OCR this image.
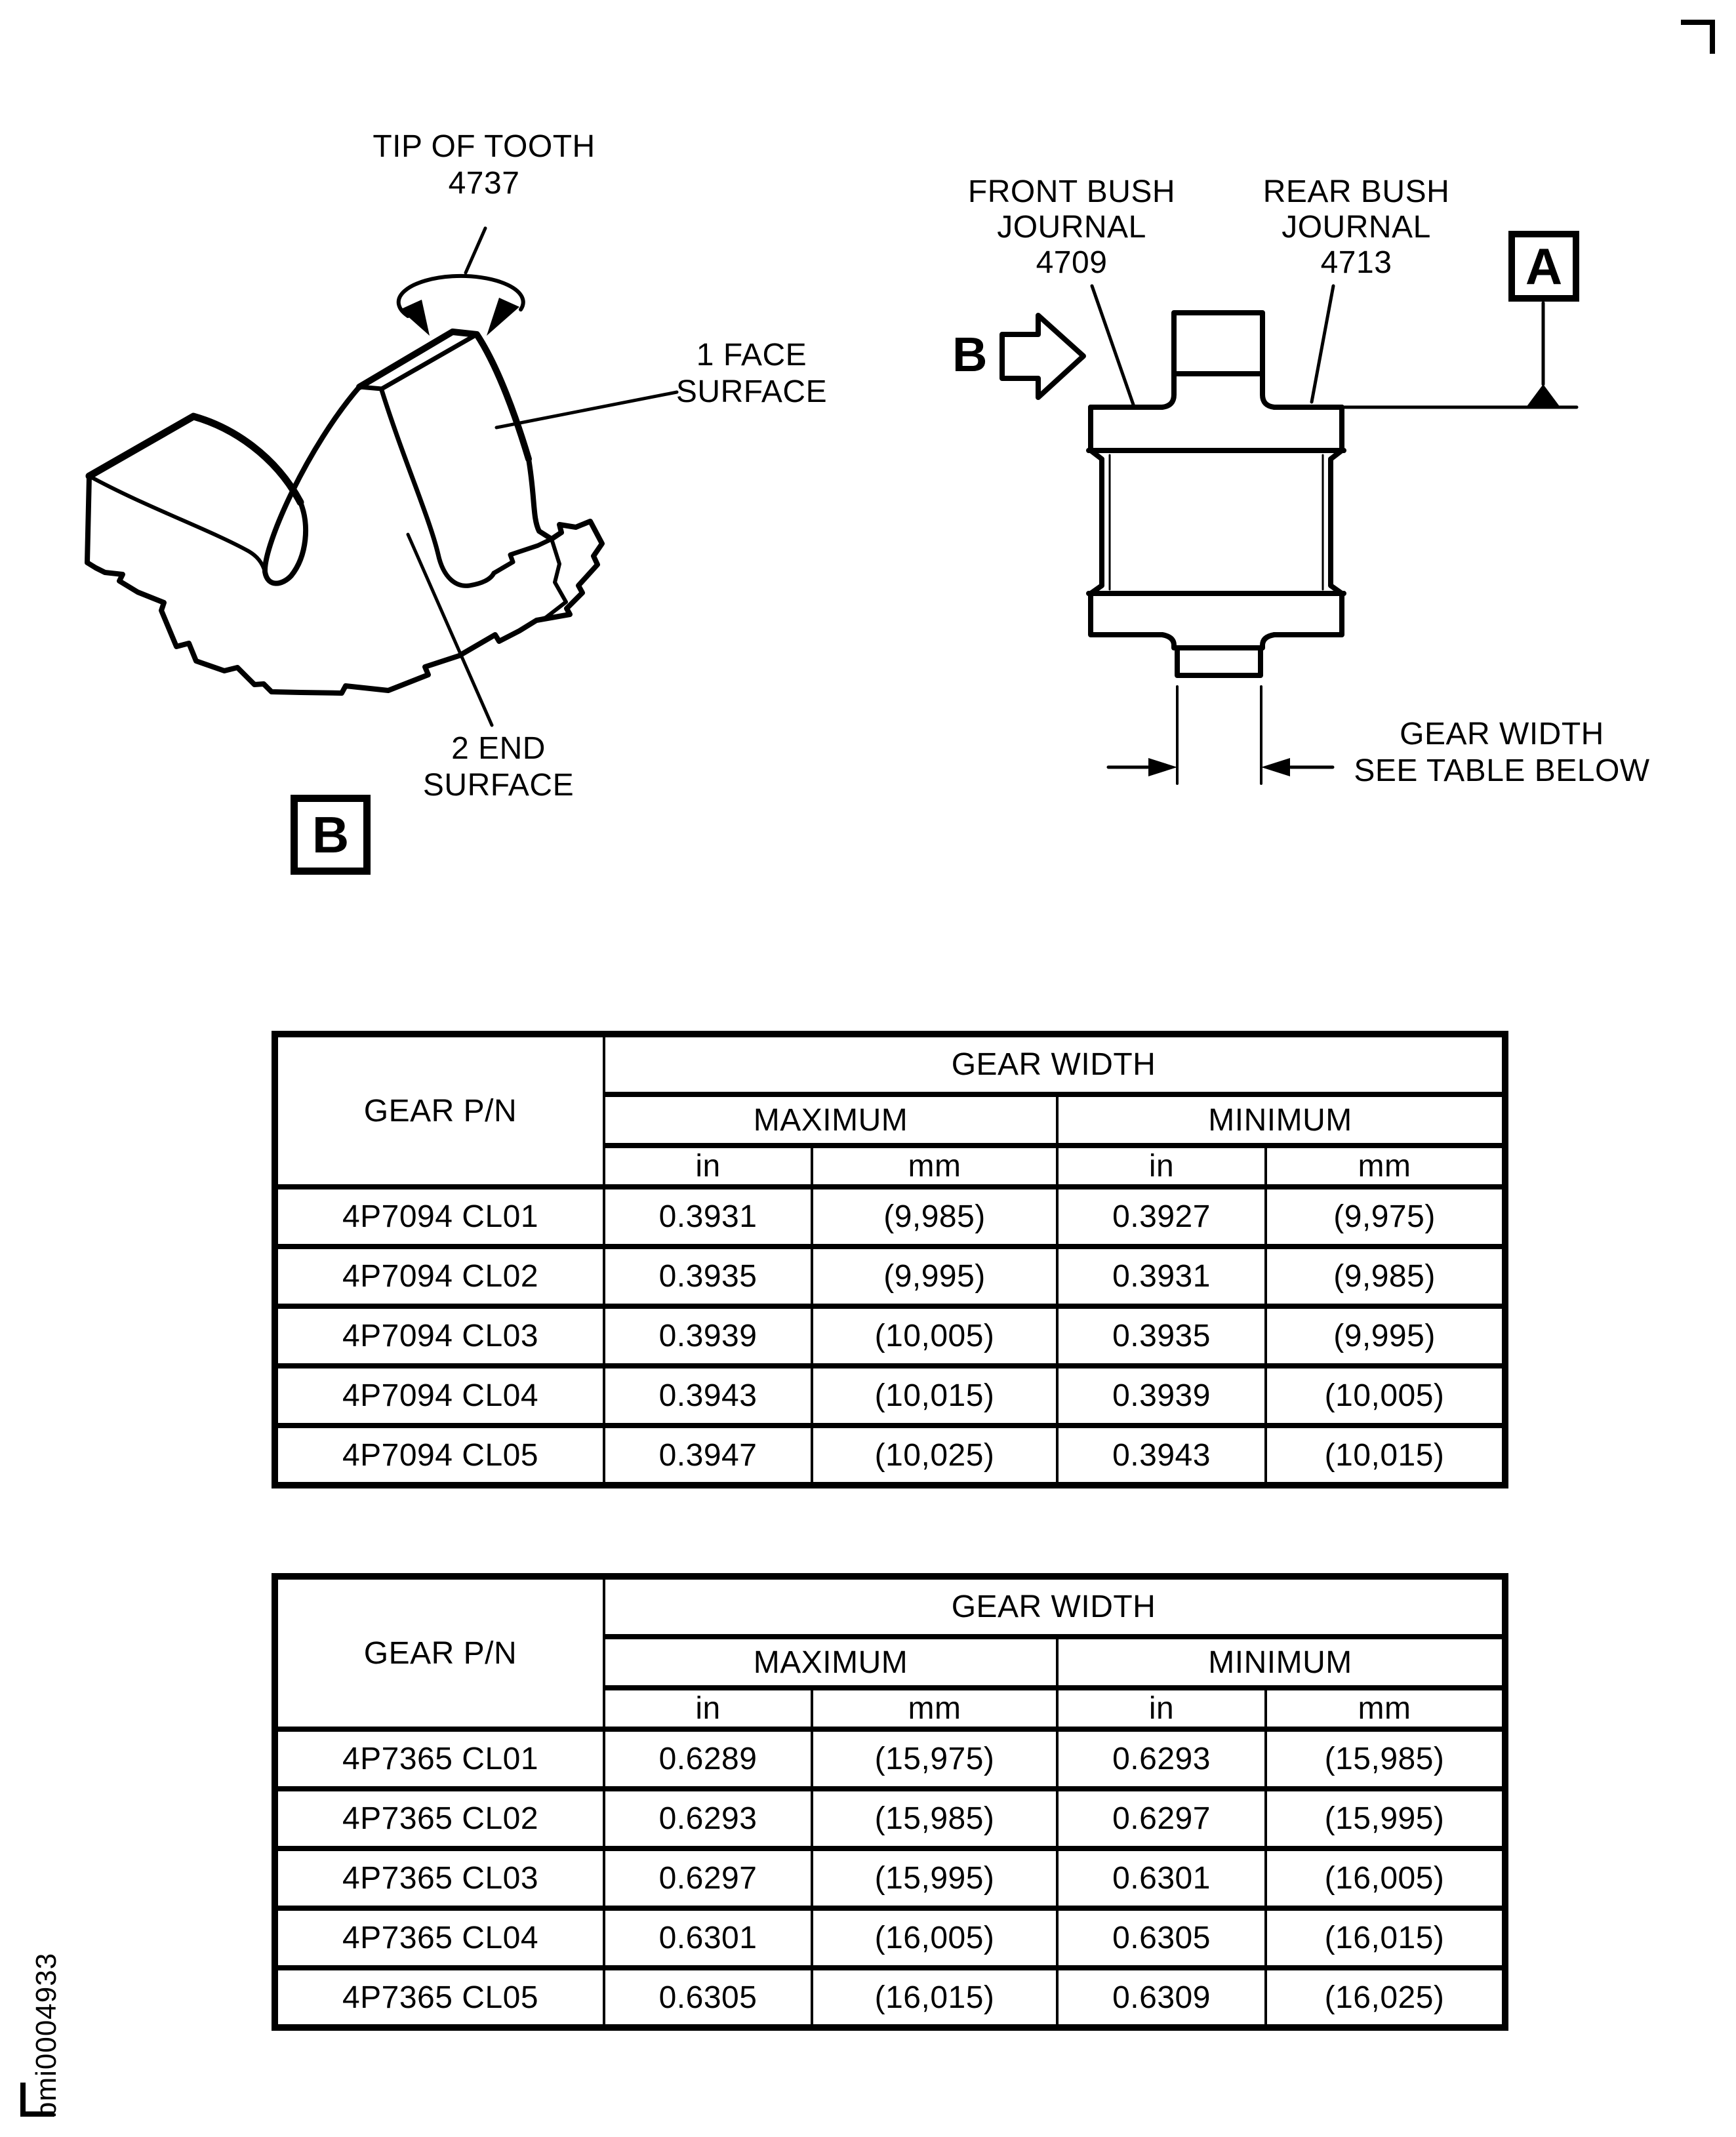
TIP OF TOOTH
4737
1 FACE
SURFACE
2 END
SURFACE
B
FRONT BUSH
JOURNAL
4709
REAR BUSH
JOURNAL
4713	A
B
GEAR WIDTH
SEE TABLE BELOW
GEAR P/N	GEAR WIDTH			
	MAXIMUM		MINIMUM	
	in	mm	in	mm
4P7094 CL01	0.3931	(9,985)	0.3927	(9,975)
4P7094 CL02	0.3935	(9,995)	0.3931	(9,985)
4P7094 CL03	0.3939	(10,005)	0.3935	(9,995)
4P7094 CL04	0.3943	(10,015)	0.3939	(10,005)
4P7094 CL05	0.3947	(10,025)	0.3943	(10,015)
GEAR P/N	GEAR WIDTH			
	MAXIMUM		MINIMUM	
	in	mm	in	mm
4P7365 CL01	0.6289	(15,975)	0.6293	(15,985)
4P7365 CL02	0.6293	(15,985)	0.6297	(15,995)
4P7365 CL03	0.6297	(15,995)	0.6301	(16,005)
4P7365 CL04	0.6301	(16,005)	0.6305	(16,015)
4P7365 CL05	0.6305	(16,015)	0.6309	(16,025)
bmi0004933
